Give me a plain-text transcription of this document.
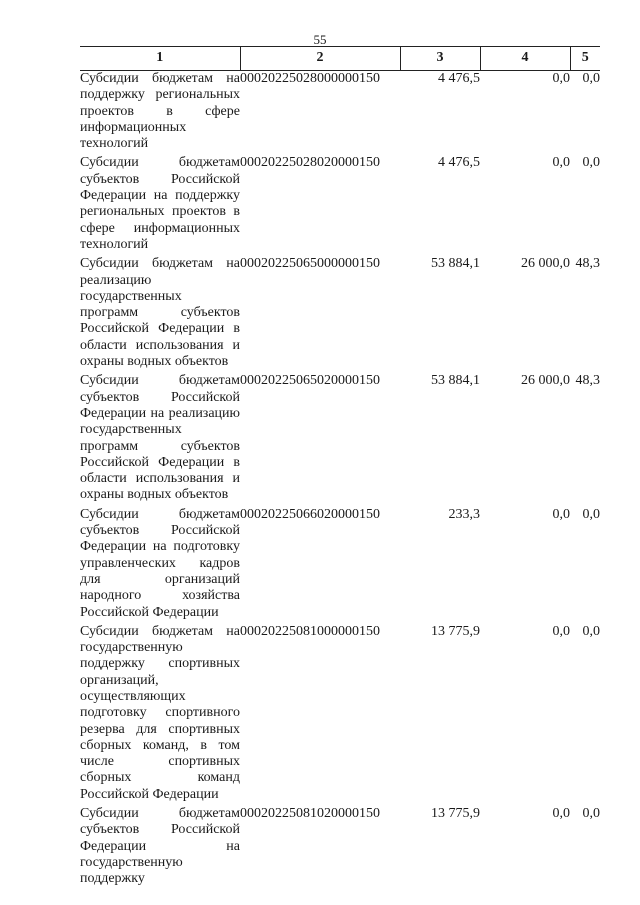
55
1	2	3	4	5
Субсидии бюджетам на поддержку региональных проектов в сфере информационных технологий	00020225028000000150	4 476,5	0,0	0,0
Субсидии бюджетам субъектов Российской Федерации на поддержку региональных проектов в сфере информационных технологий	00020225028020000150	4 476,5	0,0	0,0
Субсидии бюджетам на реализацию государственных программ субъектов Российской Федерации в области использования и охраны водных объектов	00020225065000000150	53 884,1	26 000,0	48,3
Субсидии бюджетам субъектов Российской Федерации на реализацию государственных программ субъектов Российской Федерации в области использования и охраны водных объектов	00020225065020000150	53 884,1	26 000,0	48,3
Субсидии бюджетам субъектов Российской Федерации на подготовку управленческих кадров для организаций народного хозяйства Российской Федерации	00020225066020000150	233,3	0,0	0,0
Субсидии бюджетам на государственную поддержку спортивных организаций, осуществляющих подготовку спортивного резерва для спортивных сборных команд, в том числе спортивных сборных команд Российской Федерации	00020225081000000150	13 775,9	0,0	0,0
Субсидии бюджетам субъектов Российской Федерации на государственную поддержку	00020225081020000150	13 775,9	0,0	0,0
